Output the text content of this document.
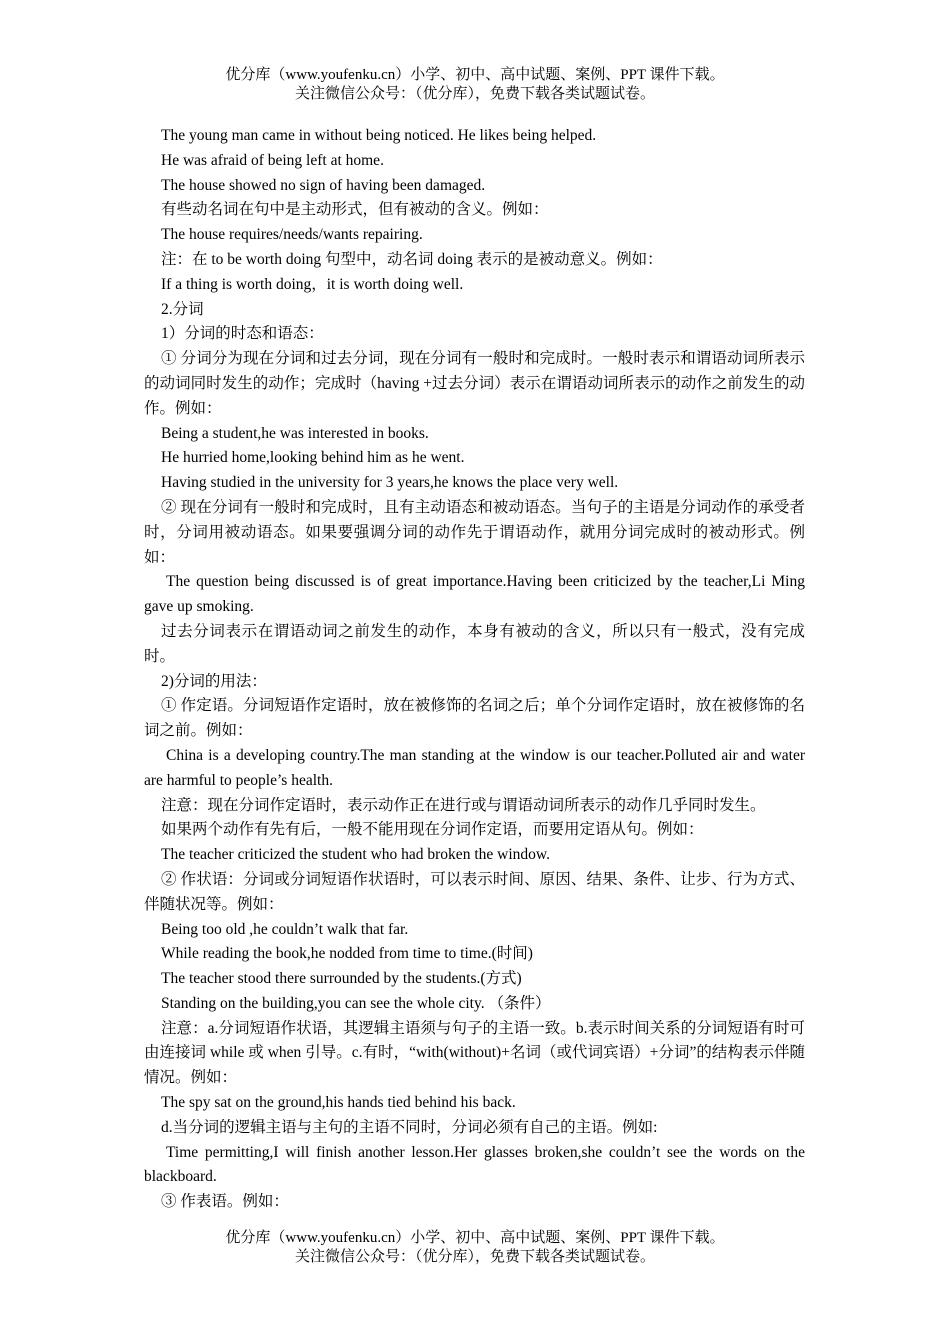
优分库（www.youfenku.cn）小学、初中、高中试题、案例、PPT 课件下载。
关注微信公众号：（优分库），免费下载各类试题试卷。

The young man came in without being noticed. He likes being helped.

He was afraid of being left at home.

The house showed no sign of having been damaged.

有些动名词在句中是主动形式，但有被动的含义。例如：

The house requires/needs/wants repairing.

注：在 to be worth doing 句型中，动名词 doing 表示的是被动意义。例如：

If a thing is worth doing，it is worth doing well.

2.分词

1）分词的时态和语态：

① 分词分为现在分词和过去分词，现在分词有一般时和完成时。一般时表示和谓语动词所表示的动词同时发生的动作；完成时（having +过去分词）表示在谓语动词所表示的动作之前发生的动作。例如：

Being a student,he was interested in books.

He hurried home,looking behind him as he went.

Having studied in the university for 3 years,he knows the place very well.

② 现在分词有一般时和完成时，且有主动语态和被动语态。当句子的主语是分词动作的承受者时，分词用被动语态。如果要强调分词的动作先于谓语动作，就用分词完成时的被动形式。例如：

The question being discussed is of great importance.Having been criticized by the teacher,Li Ming gave up smoking.

过去分词表示在谓语动词之前发生的动作，本身有被动的含义，所以只有一般式，没有完成时。

2)分词的用法：

① 作定语。分词短语作定语时，放在被修饰的名词之后；单个分词作定语时，放在被修饰的名词之前。例如：

China is a developing country.The man standing at the window is our teacher.Polluted air and water are harmful to people’s health.

注意：现在分词作定语时，表示动作正在进行或与谓语动词所表示的动作几乎同时发生。

如果两个动作有先有后，一般不能用现在分词作定语，而要用定语从句。例如：

The teacher criticized the student who had broken the window.

② 作状语：分词或分词短语作状语时，可以表示时间、原因、结果、条件、让步、行为方式、伴随状况等。例如：

Being too old ,he couldn’t walk that far.

While reading the book,he nodded from time to time.(时间)

The teacher stood there surrounded by the students.(方式)

Standing on the building,you can see the whole city. （条件）

注意：a.分词短语作状语，其逻辑主语须与句子的主语一致。b.表示时间关系的分词短语有时可由连接词 while 或 when 引导。c.有时，“with(without)+名词（或代词宾语）+分词”的结构表示伴随情况。例如：

The spy sat on the ground,his hands tied behind his back.

d.当分词的逻辑主语与主句的主语不同时，分词必须有自己的主语。例如:

Time permitting,I will finish another lesson.Her glasses broken,she couldn’t see the words on the blackboard.

③ 作表语。例如：

优分库（www.youfenku.cn）小学、初中、高中试题、案例、PPT 课件下载。
关注微信公众号：（优分库），免费下载各类试题试卷。
